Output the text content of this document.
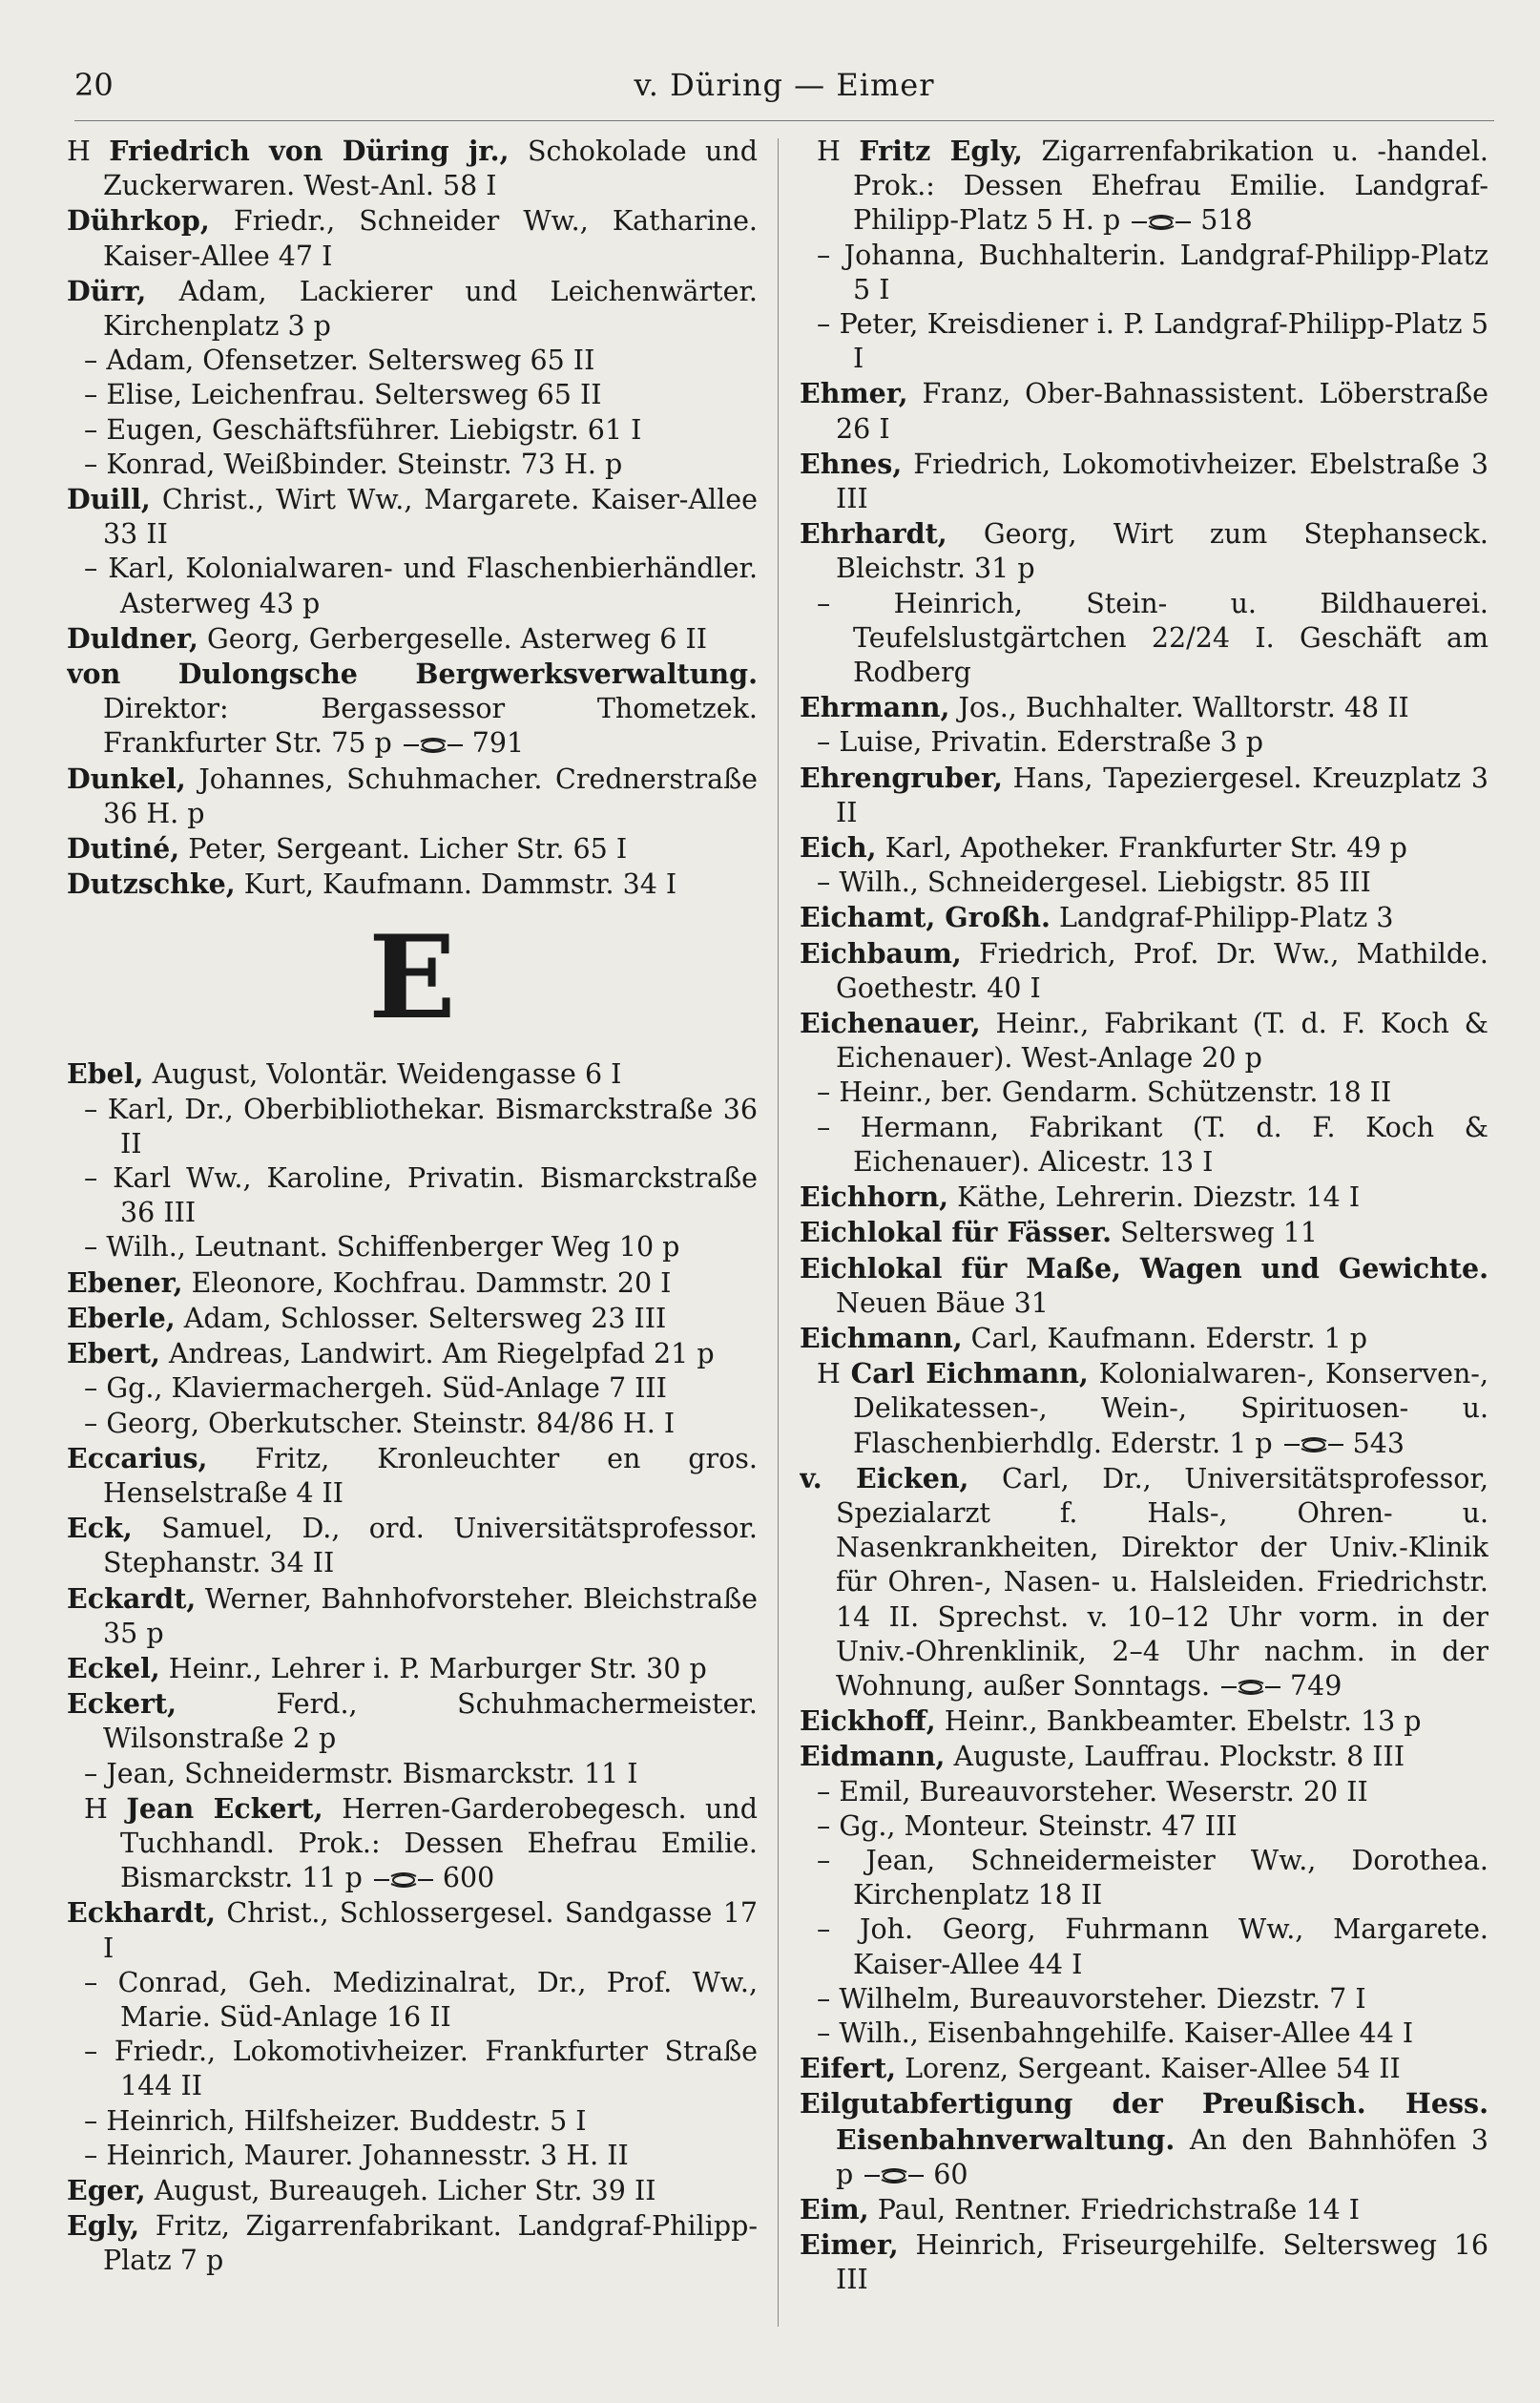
20	v. Düring — Eimer

H Friedrich von Düring jr., Schokolade und Zuckerwaren. West-Anl. 58 I

Dührkop, Friedr., Schneider Ww., Katharine. Kaiser-Allee 47 I

Dürr, Adam, Lackierer und Leichenwärter. Kirchenplatz 3 p

– Adam, Ofensetzer. Seltersweg 65 II

– Elise, Leichenfrau. Seltersweg 65 II

– Eugen, Geschäftsführer. Liebigstr. 61 I

– Konrad, Weißbinder. Steinstr. 73 H. p

Duill, Christ., Wirt Ww., Margarete. Kaiser-Allee 33 II

– Karl, Kolonialwaren- und Flaschenbierhändler. Asterweg 43 p

Duldner, Georg, Gerbergeselle. Asterweg 6 II

von Dulongsche Bergwerksverwaltung. Direktor: Bergassessor Thometzek. Frankfurter Str. 75 p	791

Dunkel, Johannes, Schuhmacher. Crednerstraße 36 H. p

Dutiné, Peter, Sergeant. Licher Str. 65 I

Dutzschke, Kurt, Kaufmann. Dammstr. 34 I

E

Ebel, August, Volontär. Weidengasse 6 I

– Karl, Dr., Oberbibliothekar. Bismarckstraße 36 II

– Karl Ww., Karoline, Privatin. Bismarckstraße 36 III

– Wilh., Leutnant. Schiffenberger Weg 10 p

Ebener, Eleonore, Kochfrau. Dammstr. 20 I

Eberle, Adam, Schlosser. Seltersweg 23 III

Ebert, Andreas, Landwirt. Am Riegelpfad 21 p

– Gg., Klaviermachergeh. Süd-Anlage 7 III

– Georg, Oberkutscher. Steinstr. 84/86 H. I

Eccarius, Fritz, Kronleuchter en gros. Henselstraße 4 II

Eck, Samuel, D., ord. Universitätsprofessor. Stephanstr. 34 II

Eckardt, Werner, Bahnhofvorsteher. Bleichstraße 35 p

Eckel, Heinr., Lehrer i. P. Marburger Str. 30 p

Eckert, Ferd., Schuhmachermeister. Wilsonstraße 2 p

– Jean, Schneidermstr. Bismarckstr. 11 I

H Jean Eckert, Herren-Garderobegesch. und Tuchhandl. Prok.: Dessen Ehefrau Emilie. Bismarckstr. 11 p	600

Eckhardt, Christ., Schlossergesel. Sandgasse 17 I

– Conrad, Geh. Medizinalrat, Dr., Prof. Ww., Marie. Süd-Anlage 16 II

– Friedr., Lokomotivheizer. Frankfurter Straße 144 II

– Heinrich, Hilfsheizer. Buddestr. 5 I

– Heinrich, Maurer. Johannesstr. 3 H. II

Eger, August, Bureaugeh. Licher Str. 39 II

Egly, Fritz, Zigarrenfabrikant. Landgraf-Philipp-Platz 7 p

H Fritz Egly, Zigarrenfabrikation u. -handel. Prok.: Dessen Ehefrau Emilie. Landgraf-Philipp-Platz 5 H. p	518

– Johanna, Buchhalterin. Landgraf-Philipp-Platz 5 I

– Peter, Kreisdiener i. P. Landgraf-Philipp-Platz 5 I

Ehmer, Franz, Ober-Bahnassistent. Löberstraße 26 I

Ehnes, Friedrich, Lokomotivheizer. Ebelstraße 3 III

Ehrhardt, Georg, Wirt zum Stephanseck. Bleichstr. 31 p

– Heinrich, Stein- u. Bildhauerei. Teufelslustgärtchen 22/24 I. Geschäft am Rodberg

Ehrmann, Jos., Buchhalter. Walltorstr. 48 II

– Luise, Privatin. Ederstraße 3 p

Ehrengruber, Hans, Tapeziergesel. Kreuzplatz 3 II

Eich, Karl, Apotheker. Frankfurter Str. 49 p

– Wilh., Schneidergesel. Liebigstr. 85 III

Eichamt, Großh. Landgraf-Philipp-Platz 3

Eichbaum, Friedrich, Prof. Dr. Ww., Mathilde. Goethestr. 40 I

Eichenauer, Heinr., Fabrikant (T. d. F. Koch & Eichenauer). West-Anlage 20 p

– Heinr., ber. Gendarm. Schützenstr. 18 II

– Hermann, Fabrikant (T. d. F. Koch & Eichenauer). Alicestr. 13 I

Eichhorn, Käthe, Lehrerin. Diezstr. 14 I

Eichlokal für Fässer. Seltersweg 11

Eichlokal für Maße, Wagen und Gewichte. Neuen Bäue 31

Eichmann, Carl, Kaufmann. Ederstr. 1 p

H Carl Eichmann, Kolonialwaren-, Konserven-, Delikatessen-, Wein-, Spirituosen- u. Flaschenbierhdlg. Ederstr. 1 p	543

v. Eicken, Carl, Dr., Universitätsprofessor, Spezialarzt f. Hals-, Ohren- u. Nasenkrankheiten, Direktor der Univ.-Klinik für Ohren-, Nasen- u. Halsleiden. Friedrichstr. 14 II. Sprechst. v. 10–12 Uhr vorm. in der Univ.-Ohrenklinik, 2–4 Uhr nachm. in der Wohnung, außer Sonntags.	749

Eickhoff, Heinr., Bankbeamter. Ebelstr. 13 p

Eidmann, Auguste, Lauffrau. Plockstr. 8 III

– Emil, Bureauvorsteher. Weserstr. 20 II

– Gg., Monteur. Steinstr. 47 III

– Jean, Schneidermeister Ww., Dorothea. Kirchenplatz 18 II

– Joh. Georg, Fuhrmann Ww., Margarete. Kaiser-Allee 44 I

– Wilhelm, Bureauvorsteher. Diezstr. 7 I

– Wilh., Eisenbahngehilfe. Kaiser-Allee 44 I

Eifert, Lorenz, Sergeant. Kaiser-Allee 54 II

Eilgutabfertigung der Preußisch. Hess. Eisenbahnverwaltung. An den Bahnhöfen 3 p	60

Eim, Paul, Rentner. Friedrichstraße 14 I

Eimer, Heinrich, Friseurgehilfe. Seltersweg 16 III
